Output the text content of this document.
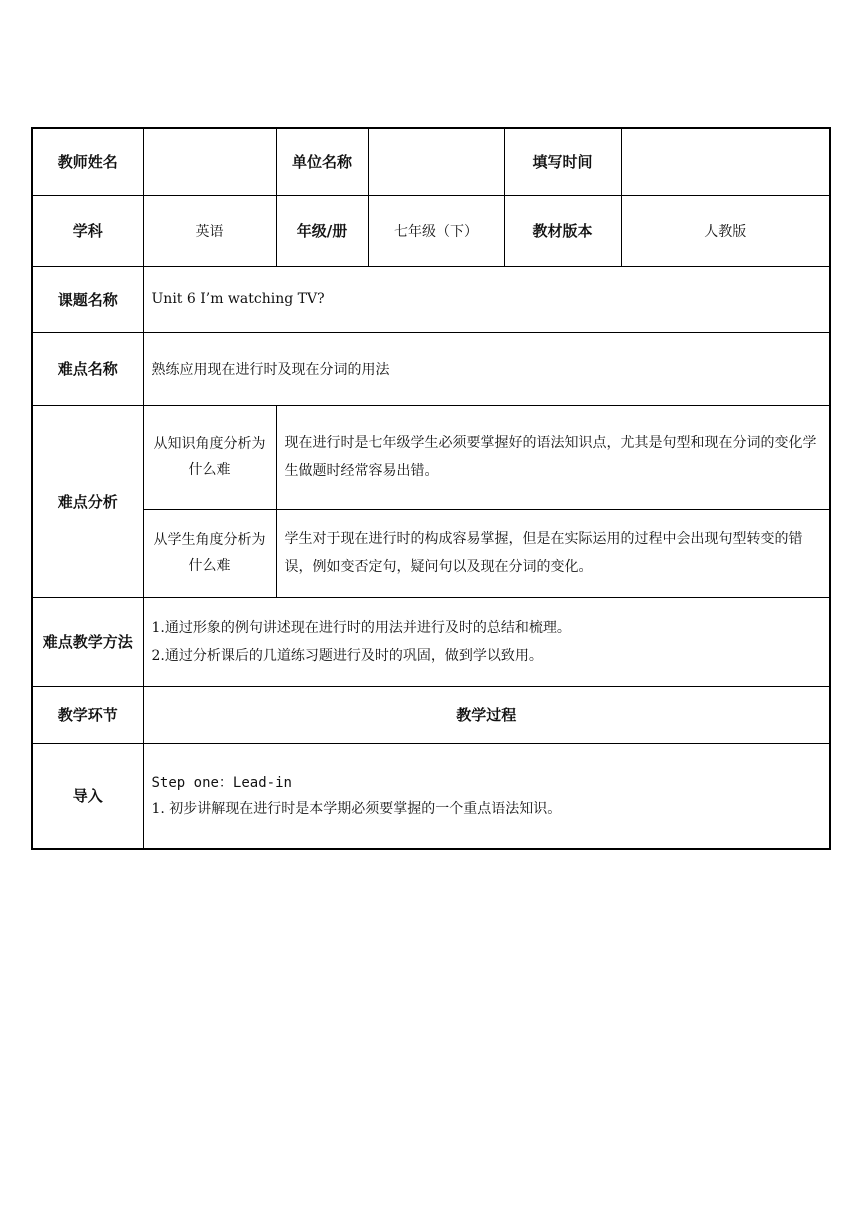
教师姓名		单位名称		填写时间	
学科	英语	年级/册	七年级（下）	教材版本	人教版
课题名称	Unit 6 I’m watching TV?				
难点名称	熟练应用现在进行时及现在分词的用法				
难点分析	从知识角度分析为什么难	现在进行时是七年级学生必须要掌握好的语法知识点，尤其是句型和现在分词的变化学生做题时经常容易出错。			
	从学生角度分析为什么难	学生对于现在进行时的构成容易掌握，但是在实际运用的过程中会出现句型转变的错误，例如变否定句，疑问句以及现在分词的变化。			
难点教学方法	1.通过形象的例句讲述现在进行时的用法并进行及时的总结和梳理。
2.通过分析课后的几道练习题进行及时的巩固，做到学以致用。				

教学环节	教学过程				
导入	Step one：Lead-in
1. 初步讲解现在进行时是本学期必须要掌握的一个重点语法知识。				
